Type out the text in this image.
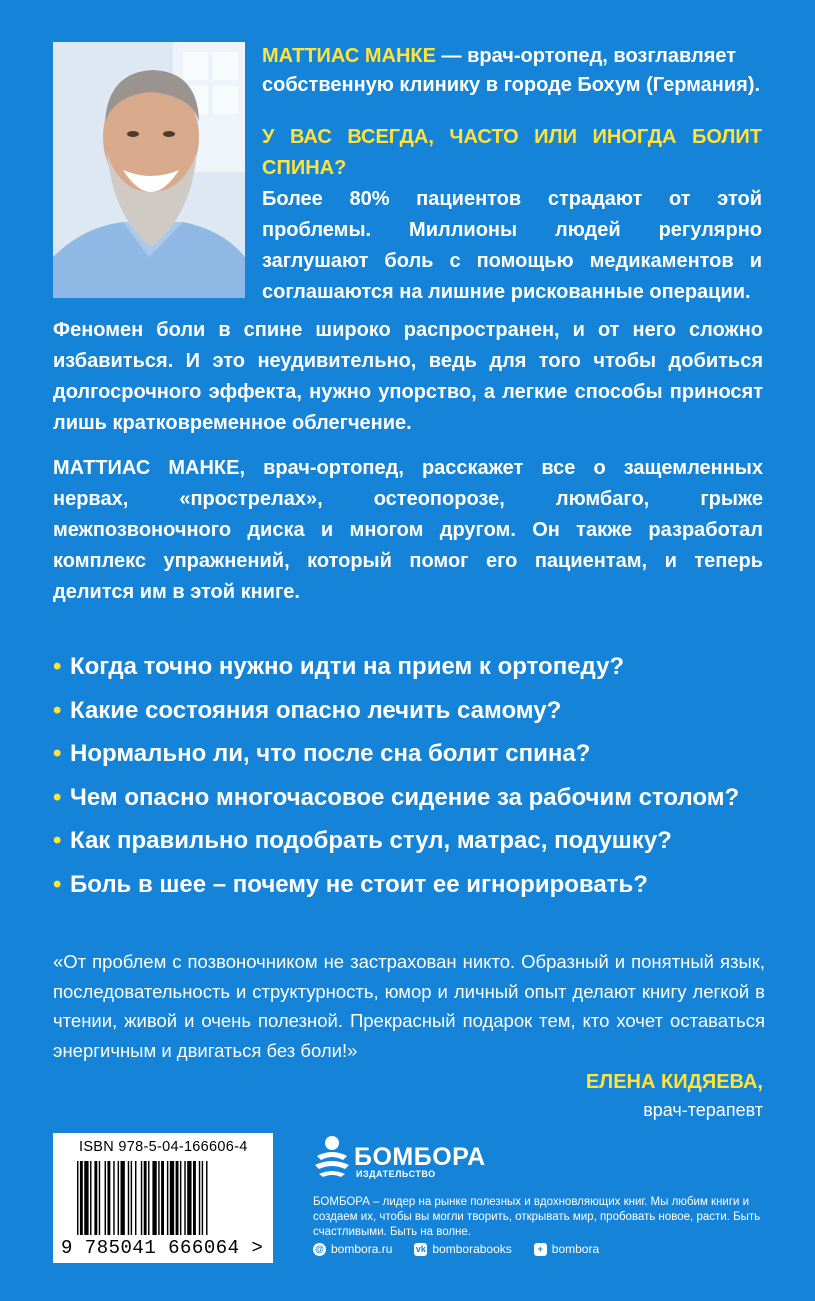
МАТТИАС МАНКЕ — врач-ортопед, возглавляет собственную клинику в городе Бохум (Германия).

У ВАС ВСЕГДА, ЧАСТО ИЛИ ИНОГДА БОЛИТ СПИНА?

Более 80% пациентов страдают от этой проблемы. Миллионы людей регулярно заглушают боль с помощью медикаментов и соглашаются на лишние рискованные операции.

Феномен боли в спине широко распространен, и от него сложно избавиться. И это неудивительно, ведь для того чтобы добиться долгосрочного эффекта, нужно упорство, а легкие способы приносят лишь кратковременное облегчение.

МАТТИАС МАНКЕ, врач-ортопед, расскажет все о защемленных нервах, «прострелах», остеопорозе, люмбаго, грыже межпозвоночного диска и многом другом. Он также разработал комплекс упражнений, который помог его пациентам, и теперь делится им в этой книге.

• Когда точно нужно идти на прием к ортопеду?
• Какие состояния опасно лечить самому?
• Нормально ли, что после сна болит спина?
• Чем опасно многочасовое сидение за рабочим столом?
• Как правильно подобрать стул, матрас, подушку?
• Боль в шее – почему не стоит ее игнорировать?

«От проблем с позвоночником не застрахован никто. Образный и понятный язык, последовательность и структурность, юмор и личный опыт делают книгу легкой в чтении, живой и очень полезной. Прекрасный подарок тем, кто хочет оставаться энергичным и двигаться без боли!»

ЕЛЕНА КИДЯЕВА,
врач-терапевт
ISBN 978-5-04-166606-4
9 785041 666064 >
БОМБОРА
ИЗДАТЕЛЬСТВО

БОМБОРА – лидер на рынке полезных и вдохновляющих книг. Мы любим книги и создаем их, чтобы вы могли творить, открывать мир, пробовать новое, расти. Быть счастливыми. Быть на волне.

@ bombora.ru	vk bomborabooks	+ bombora
